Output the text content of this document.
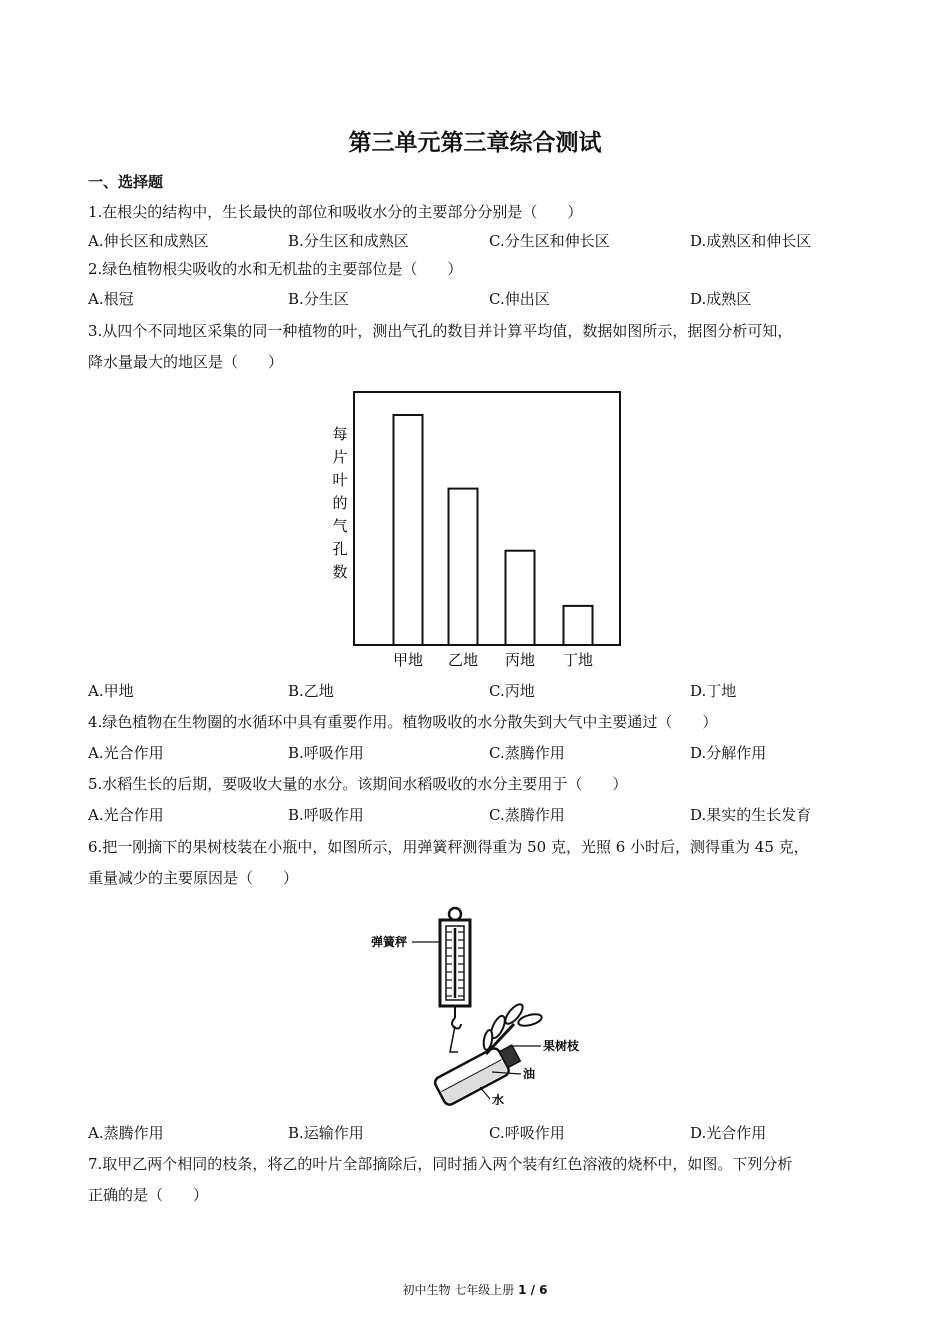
第三单元第三章综合测试
一、选择题
1.在根尖的结构中，生长最快的部位和吸收水分的主要部分分别是（　　）
A.伸长区和成熟区	B.分生区和成熟区	C.分生区和伸长区	D.成熟区和伸长区
2.绿色植物根尖吸收的水和无机盐的主要部位是（　　）
A.根冠	B.分生区	C.伸出区	D.成熟区
3.从四个不同地区采集的同一种植物的叶，测出气孔的数目并计算平均值，数据如图所示，据图分析可知，
降水量最大的地区是（　　）
每
片
叶
的
气
孔
数
甲地 乙地 丙地 丁地
A.甲地	B.乙地	C.丙地	D.丁地
4.绿色植物在生物圈的水循环中具有重要作用。植物吸收的水分散失到大气中主要通过（　　）
A.光合作用	B.呼吸作用	C.蒸腾作用	D.分解作用
5.水稻生长的后期，要吸收大量的水分。该期间水稻吸收的水分主要用于（　　）
A.光合作用	B.呼吸作用	C.蒸腾作用	D.果实的生长发育
6.把一刚摘下的果树枝装在小瓶中，如图所示，用弹簧秤测得重为 50 克，光照 6 小时后，测得重为 45 克，
重量减少的主要原因是（　　）
弹簧秤
果树枝
油
水
A.蒸腾作用	B.运输作用	C.呼吸作用	D.光合作用
7.取甲乙两个相同的枝条，将乙的叶片全部摘除后，同时插入两个装有红色溶液的烧杯中，如图。下列分析
正确的是（　　）
初中生物 七年级上册 1 / 6
